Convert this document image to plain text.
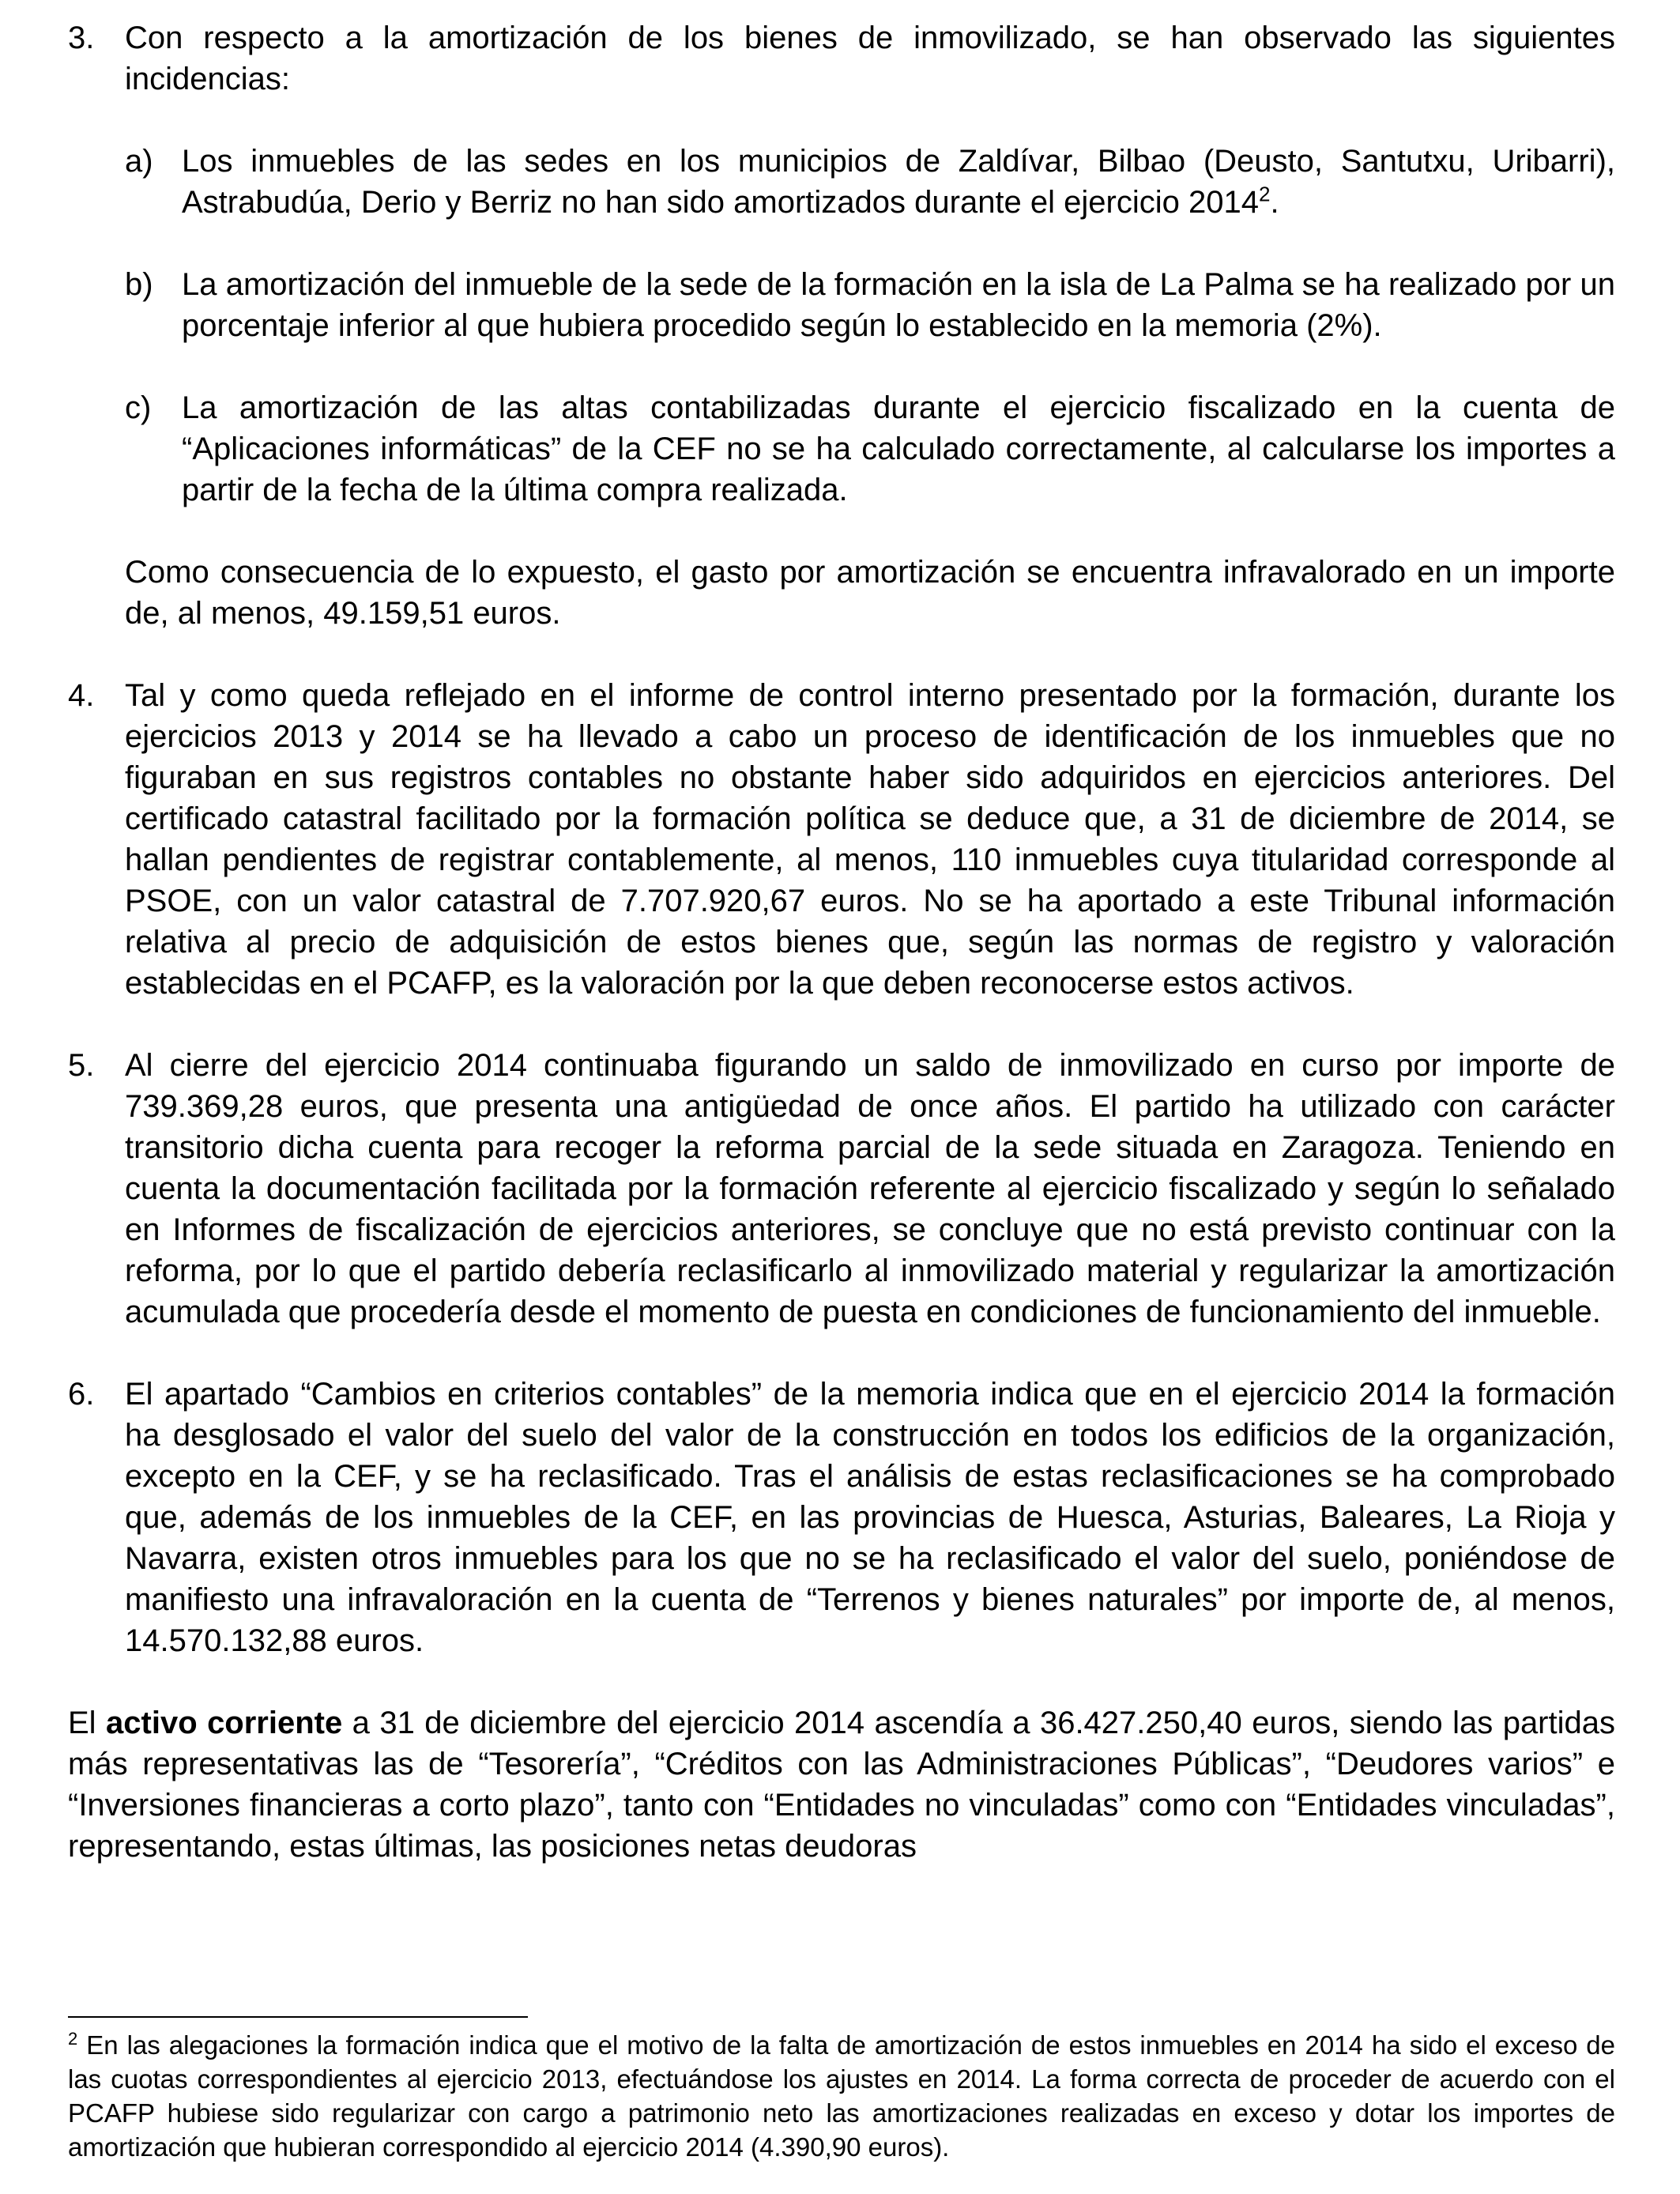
3. Con respecto a la amortización de los bienes de inmovilizado, se han observado las siguientes incidencias:
a) Los inmuebles de las sedes en los municipios de Zaldívar, Bilbao (Deusto, Santutxu, Uribarri), Astrabudúa, Derio y Berriz no han sido amortizados durante el ejercicio 2014$^2$.
b) La amortización del inmueble de la sede de la formación en la isla de La Palma se ha realizado por un porcentaje inferior al que hubiera procedido según lo establecido en la memoria (2%).
c) La amortización de las altas contabilizadas durante el ejercicio fiscalizado en la cuenta de “Aplicaciones informáticas” de la CEF no se ha calculado correctamente, al calcularse los importes a partir de la fecha de la última compra realizada.
Como consecuencia de lo expuesto, el gasto por amortización se encuentra infravalorado en un importe de, al menos, 49.159,51 euros.
4. Tal y como queda reflejado en el informe de control interno presentado por la formación, durante los ejercicios 2013 y 2014 se ha llevado a cabo un proceso de identificación de los inmuebles que no figuraban en sus registros contables no obstante haber sido adquiridos en ejercicios anteriores. Del certificado catastral facilitado por la formación política se deduce que, a 31 de diciembre de 2014, se hallan pendientes de registrar contablemente, al menos, 110 inmuebles cuya titularidad corresponde al PSOE, con un valor catastral de 7.707.920,67 euros. No se ha aportado a este Tribunal información relativa al precio de adquisición de estos bienes que, según las normas de registro y valoración establecidas en el PCAFP, es la valoración por la que deben reconocerse estos activos.
5. Al cierre del ejercicio 2014 continuaba figurando un saldo de inmovilizado en curso por importe de 739.369,28 euros, que presenta una antigüedad de once años. El partido ha utilizado con carácter transitorio dicha cuenta para recoger la reforma parcial de la sede situada en Zaragoza. Teniendo en cuenta la documentación facilitada por la formación referente al ejercicio fiscalizado y según lo señalado en Informes de fiscalización de ejercicios anteriores, se concluye que no está previsto continuar con la reforma, por lo que el partido debería reclasificarlo al inmovilizado material y regularizar la amortización acumulada que procedería desde el momento de puesta en condiciones de funcionamiento del inmueble.
6. El apartado “Cambios en criterios contables” de la memoria indica que en el ejercicio 2014 la formación ha desglosado el valor del suelo del valor de la construcción en todos los edificios de la organización, excepto en la CEF, y se ha reclasificado. Tras el análisis de estas reclasificaciones se ha comprobado que, además de los inmuebles de la CEF, en las provincias de Huesca, Asturias, Baleares, La Rioja y Navarra, existen otros inmuebles para los que no se ha reclasificado el valor del suelo, poniéndose de manifiesto una infravaloración en la cuenta de “Terrenos y bienes naturales” por importe de, al menos, 14.570.132,88 euros.
El activo corriente a 31 de diciembre del ejercicio 2014 ascendía a 36.427.250,40 euros, siendo las partidas más representativas las de “Tesorería”, “Créditos con las Administraciones Públicas”, “Deudores varios” e “Inversiones financieras a corto plazo”, tanto con “Entidades no vinculadas” como con “Entidades vinculadas”, representando, estas últimas, las posiciones netas deudoras
$^2$ En las alegaciones la formación indica que el motivo de la falta de amortización de estos inmuebles en 2014 ha sido el exceso de las cuotas correspondientes al ejercicio 2013, efectuándose los ajustes en 2014. La forma correcta de proceder de acuerdo con el PCAFP hubiese sido regularizar con cargo a patrimonio neto las amortizaciones realizadas en exceso y dotar los importes de amortización que hubieran correspondido al ejercicio 2014 (4.390,90 euros).
